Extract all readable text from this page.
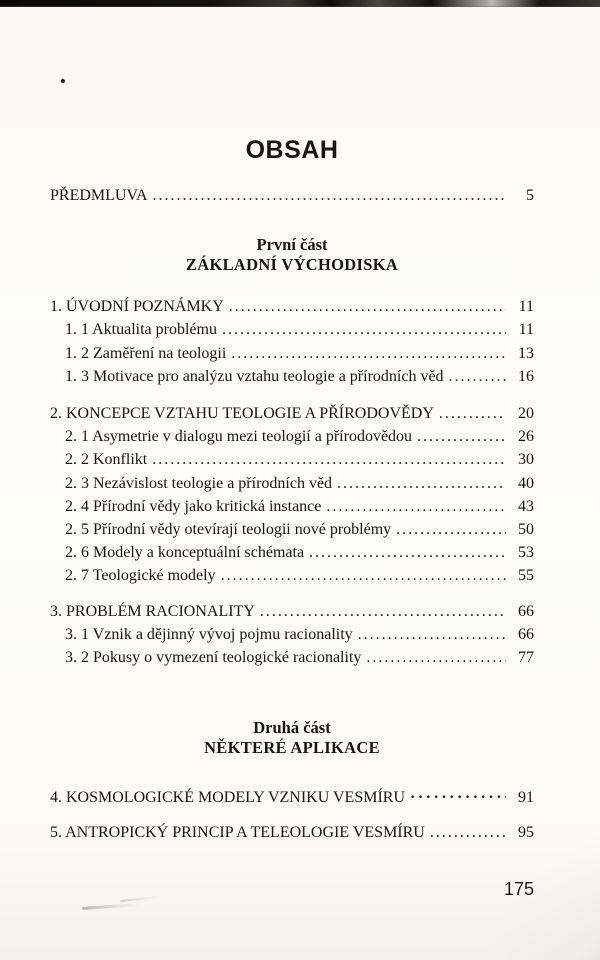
OBSAH
PŘEDMLUVA .....	5
První část
ZÁKLADNÍ VÝCHODISKA
1. ÚVODNÍ POZNÁMKY .....	11
1. 1 Aktualita problému .....	11
1. 2 Zaměření na teologii .....	13
1. 3 Motivace pro analýzu vztahu teologie a přírodních věd .....	16
2. KONCEPCE VZTAHU TEOLOGIE A PŘÍRODOVĚDY .....	20
2. 1 Asymetrie v dialogu mezi teologií a přírodovědou .....	26
2. 2 Konflikt .....	30
2. 3 Nezávislost teologie a přírodních věd .....	40
2. 4 Přírodní vědy jako kritická instance .....	43
2. 5 Přírodní vědy otevírají teologii nové problémy .....	50
2. 6 Modely a konceptuální schémata .....	53
2. 7 Teologické modely .....	55
3. PROBLÉM RACIONALITY .....	66
3. 1 Vznik a dějinný vývoj pojmu racionality .....	66
3. 2 Pokusy o vymezení teologické racionality .....	77
Druhá část
NĚKTERÉ APLIKACE
4. KOSMOLOGICKÉ MODELY VZNIKU VESMÍRU ·····	91
5. ANTROPICKÝ PRINCIP A TELEOLOGIE VESMÍRU .....	95
175
